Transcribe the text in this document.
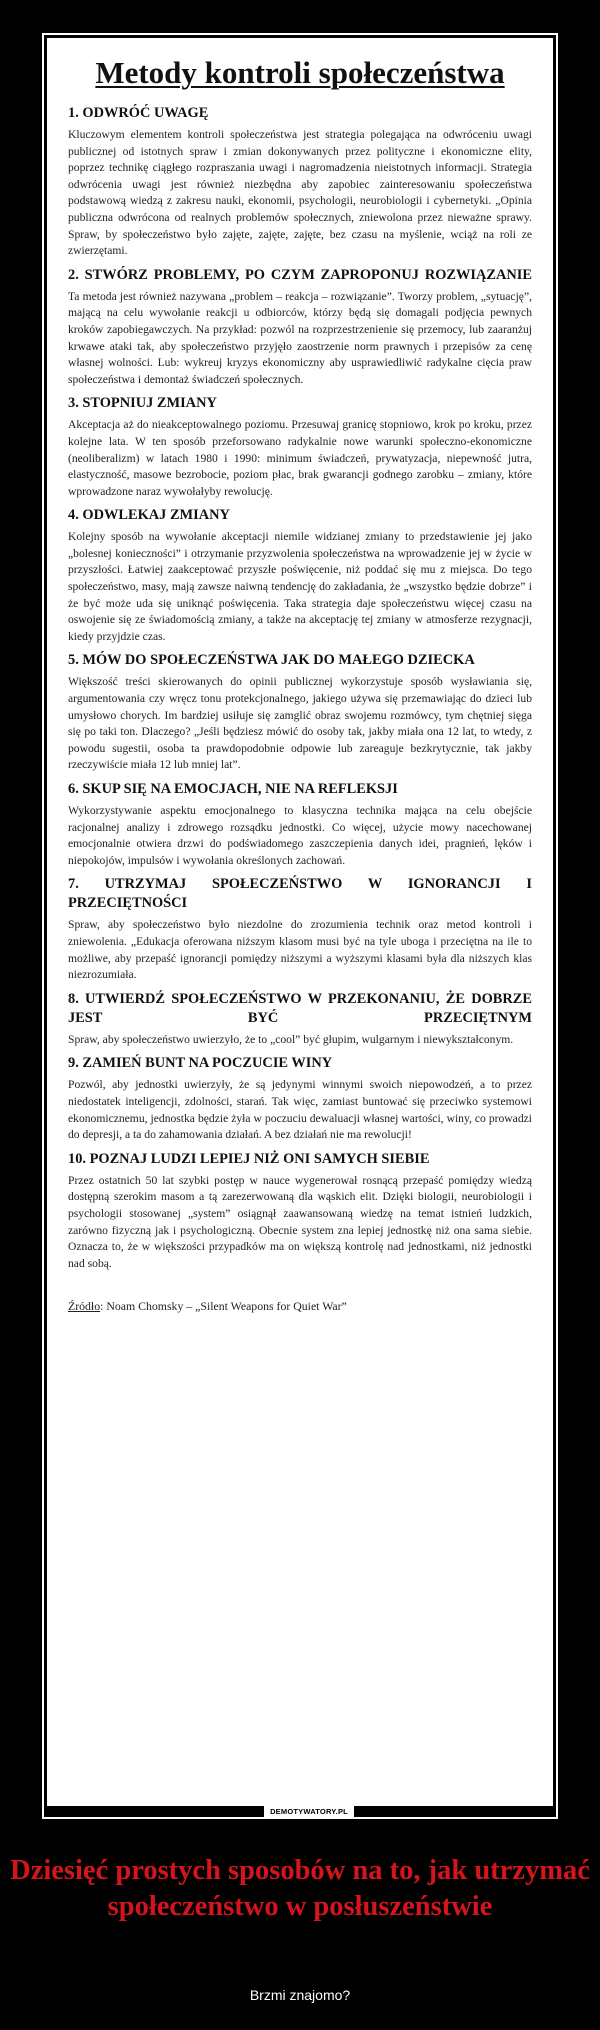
Metody kontroli społeczeństwa
1. ODWRÓĆ UWAGĘ

Kluczowym elementem kontroli społeczeństwa jest strategia polegająca na odwróceniu uwagi publicznej od istotnych spraw i zmian dokonywanych przez polityczne i ekonomiczne elity, poprzez technikę ciągłego rozpraszania uwagi i nagromadzenia nieistotnych informacji. Strategia odwrócenia uwagi jest również niezbędna aby zapobiec zainteresowaniu społeczeństwa podstawową wiedzą z zakresu nauki, ekonomii, psychologii, neurobiologii i cybernetyki. „Opinia publiczna odwrócona od realnych problemów społecznych, zniewolona przez nieważne sprawy. Spraw, by społeczeństwo było zajęte, zajęte, zajęte, bez czasu na myślenie, wciąż na roli ze zwierzętami.

2. STWÓRZ PROBLEMY, PO CZYM ZAPROPONUJ ROZWIĄZANIE

Ta metoda jest również nazywana „problem – reakcja – rozwiązanie”. Tworzy problem, „sytuację”, mającą na celu wywołanie reakcji u odbiorców, którzy będą się domagali podjęcia pewnych kroków zapobiegawczych. Na przykład: pozwól na rozprzestrzenienie się przemocy, lub zaaranżuj krwawe ataki tak, aby społeczeństwo przyjęło zaostrzenie norm prawnych i przepisów za cenę własnej wolności. Lub: wykreuj kryzys ekonomiczny aby usprawiedliwić radykalne cięcia praw społeczeństwa i demontaż świadczeń społecznych.

3. STOPNIUJ ZMIANY

Akceptacja aż do nieakceptowalnego poziomu. Przesuwaj granicę stopniowo, krok po kroku, przez kolejne lata. W ten sposób przeforsowano radykalnie nowe warunki społeczno-ekonomiczne (neoliberalizm) w latach 1980 i 1990: minimum świadczeń, prywatyzacja, niepewność jutra, elastyczność, masowe bezrobocie, poziom płac, brak gwarancji godnego zarobku – zmiany, które wprowadzone naraz wywołałyby rewolucję.

4. ODWLEKAJ ZMIANY

Kolejny sposób na wywołanie akceptacji niemile widzianej zmiany to przedstawienie jej jako „bolesnej konieczności” i otrzymanie przyzwolenia społeczeństwa na wprowadzenie jej w życie w przyszłości. Łatwiej zaakceptować przyszłe poświęcenie, niż poddać się mu z miejsca. Do tego społeczeństwo, masy, mają zawsze naiwną tendencję do zakładania, że „wszystko będzie dobrze” i że być może uda się uniknąć poświęcenia. Taka strategia daje społeczeństwu więcej czasu na oswojenie się ze świadomością zmiany, a także na akceptację tej zmiany w atmosferze rezygnacji, kiedy przyjdzie czas.

5. MÓW DO SPOŁECZEŃSTWA JAK DO MAŁEGO DZIECKA

Większość treści skierowanych do opinii publicznej wykorzystuje sposób wysławiania się, argumentowania czy wręcz tonu protekcjonalnego, jakiego używa się przemawiając do dzieci lub umysłowo chorych. Im bardziej usiłuje się zamglić obraz swojemu rozmówcy, tym chętniej sięga się po taki ton. Dlaczego? „Jeśli będziesz mówić do osoby tak, jakby miała ona 12 lat, to wtedy, z powodu sugestii, osoba ta prawdopodobnie odpowie lub zareaguje bezkrytycznie, tak jakby rzeczywiście miała 12 lub mniej lat”.

6. SKUP SIĘ NA EMOCJACH, NIE NA REFLEKSJI

Wykorzystywanie aspektu emocjonalnego to klasyczna technika mająca na celu obejście racjonalnej analizy i zdrowego rozsądku jednostki. Co więcej, użycie mowy nacechowanej emocjonalnie otwiera drzwi do podświadomego zaszczepienia danych idei, pragnień, lęków i niepokojów, impulsów i wywołania określonych zachowań.

7. UTRZYMAJ SPOŁECZEŃSTWO W IGNORANCJI I PRZECIĘTNOŚCI

Spraw, aby społeczeństwo było niezdolne do zrozumienia technik oraz metod kontroli i zniewolenia. „Edukacja oferowana niższym klasom musi być na tyle uboga i przeciętna na ile to możliwe, aby przepaść ignorancji pomiędzy niższymi a wyższymi klasami była dla niższych klas niezrozumiała.

8. UTWIERDŹ SPOŁECZEŃSTWO W PRZEKONANIU, ŻE DOBRZE JEST BYĆ PRZECIĘTNYM

Spraw, aby społeczeństwo uwierzyło, że to „cool” być głupim, wulgarnym i niewykształconym.

9. ZAMIEŃ BUNT NA POCZUCIE WINY

Pozwól, aby jednostki uwierzyły, że są jedynymi winnymi swoich niepowodzeń, a to przez niedostatek inteligencji, zdolności, starań. Tak więc, zamiast buntować się przeciwko systemowi ekonomicznemu, jednostka będzie żyła w poczuciu dewaluacji własnej wartości, winy, co prowadzi do depresji, a ta do zahamowania działań. A bez działań nie ma rewolucji!

10. POZNAJ LUDZI LEPIEJ NIŻ ONI SAMYCH SIEBIE

Przez ostatnich 50 lat szybki postęp w nauce wygenerował rosnącą przepaść pomiędzy wiedzą dostępną szerokim masom a tą zarezerwowaną dla wąskich elit. Dzięki biologii, neurobiologii i psychologii stosowanej „system” osiągnął zaawansowaną wiedzę na temat istnień ludzkich, zarówno fizyczną jak i psychologiczną. Obecnie system zna lepiej jednostkę niż ona sama siebie. Oznacza to, że w większości przypadków ma on większą kontrolę nad jednostkami, niż jednostki nad sobą.

Źródło: Noam Chomsky – „Silent Weapons for Quiet War”
DEMOTYWATORY.PL
Dziesięć prostych sposobów na to, jak utrzymać społeczeństwo w posłuszeństwie
Brzmi znajomo?
